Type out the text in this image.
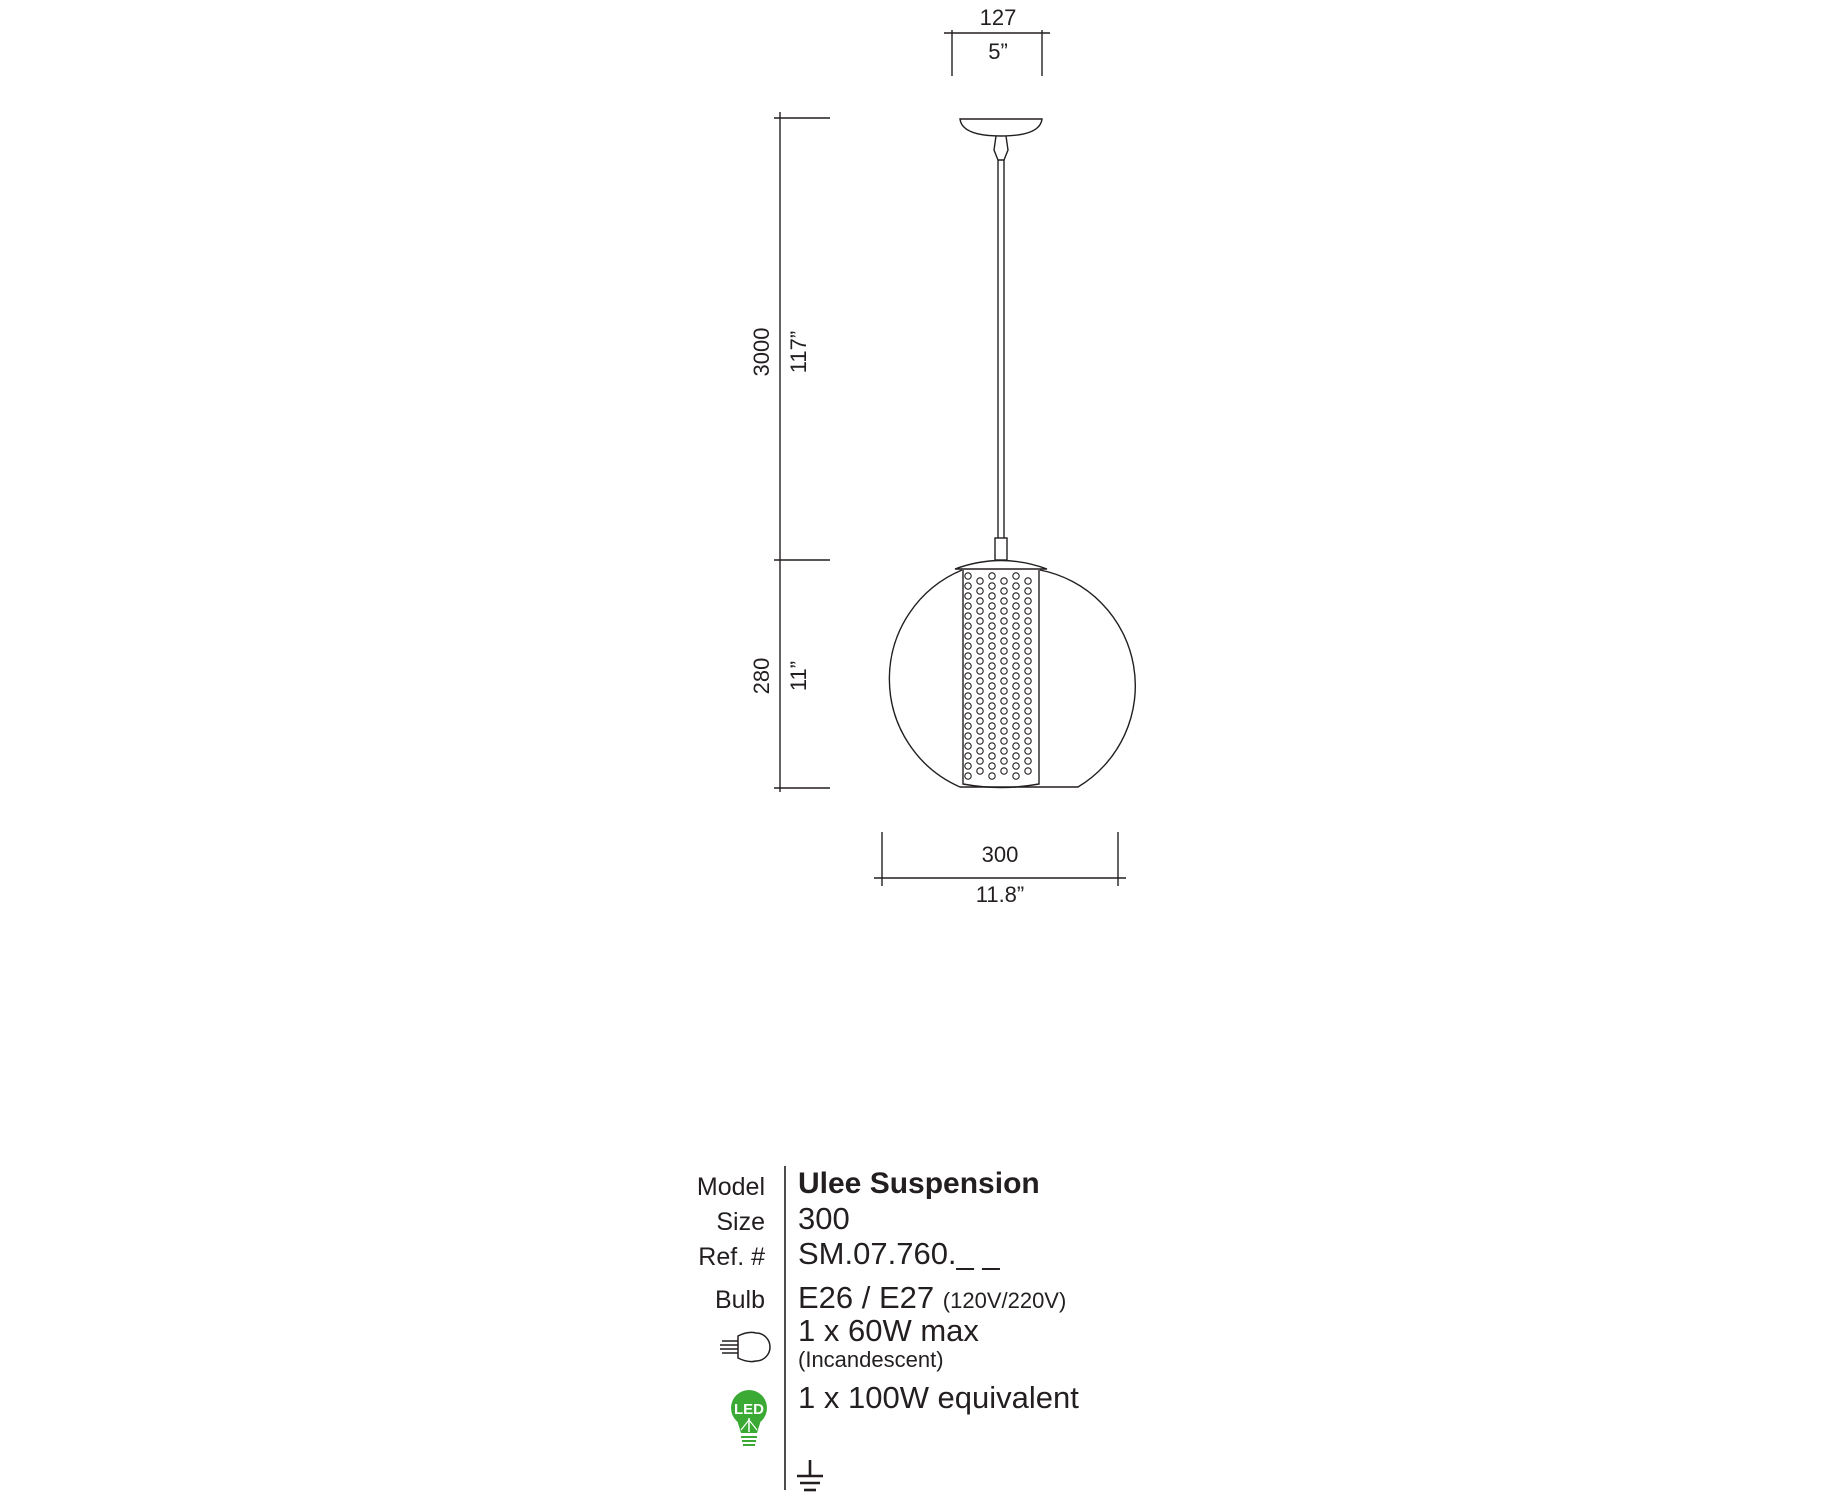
127
5”
3000 117”
280 11”
300
11.8”
LED
Model
Size
Ref. #
Bulb
Ulee Suspension
300
SM.07.760._ _
E26 / E27 (120V/220V)
1 x 60W max
(Incandescent)
1 x 100W equivalent
